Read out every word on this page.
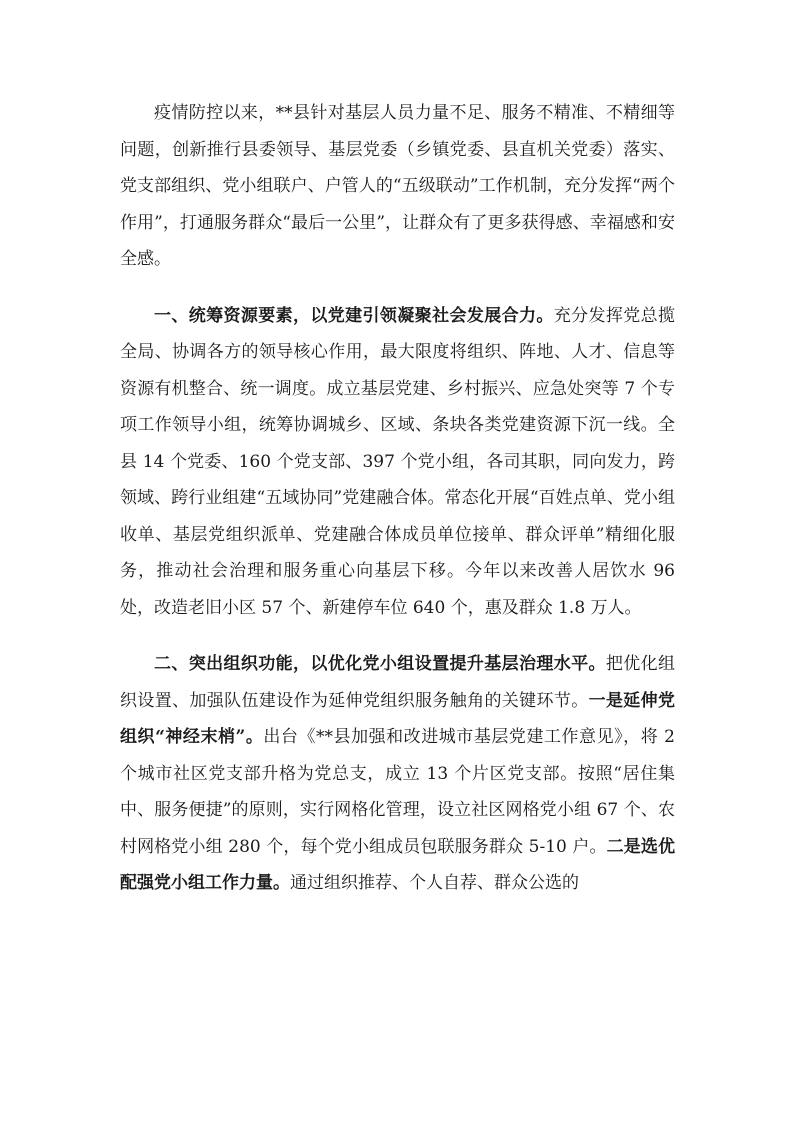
疫情防控以来，**县针对基层人员力量不足、服务不精准、不精细等问题，创新推行县委领导、基层党委（乡镇党委、县直机关党委）落实、党支部组织、党小组联户、户管人的“五级联动”工作机制，充分发挥“两个作用”，打通服务群众“最后一公里”，让群众有了更多获得感、幸福感和安全感。

一、统筹资源要素，以党建引领凝聚社会发展合力。充分发挥党总揽全局、协调各方的领导核心作用，最大限度将组织、阵地、人才、信息等资源有机整合、统一调度。成立基层党建、乡村振兴、应急处突等 7 个专项工作领导小组，统筹协调城乡、区域、条块各类党建资源下沉一线。全县 14 个党委、160 个党支部、397 个党小组，各司其职，同向发力，跨领域、跨行业组建“五域协同”党建融合体。常态化开展“百姓点单、党小组收单、基层党组织派单、党建融合体成员单位接单、群众评单”精细化服务，推动社会治理和服务重心向基层下移。今年以来改善人居饮水 96 处，改造老旧小区 57 个、新建停车位 640 个，惠及群众 1.8 万人。

二、突出组织功能，以优化党小组设置提升基层治理水平。把优化组织设置、加强队伍建设作为延伸党组织服务触角的关键环节。一是延伸党组织“神经末梢”。出台《**县加强和改进城市基层党建工作意见》，将 2 个城市社区党支部升格为党总支，成立 13 个片区党支部。按照“居住集中、服务便捷”的原则，实行网格化管理，设立社区网格党小组 67 个、农村网格党小组 280 个，每个党小组成员包联服务群众 5-10 户。二是选优配强党小组工作力量。通过组织推荐、个人自荐、群众公选的
